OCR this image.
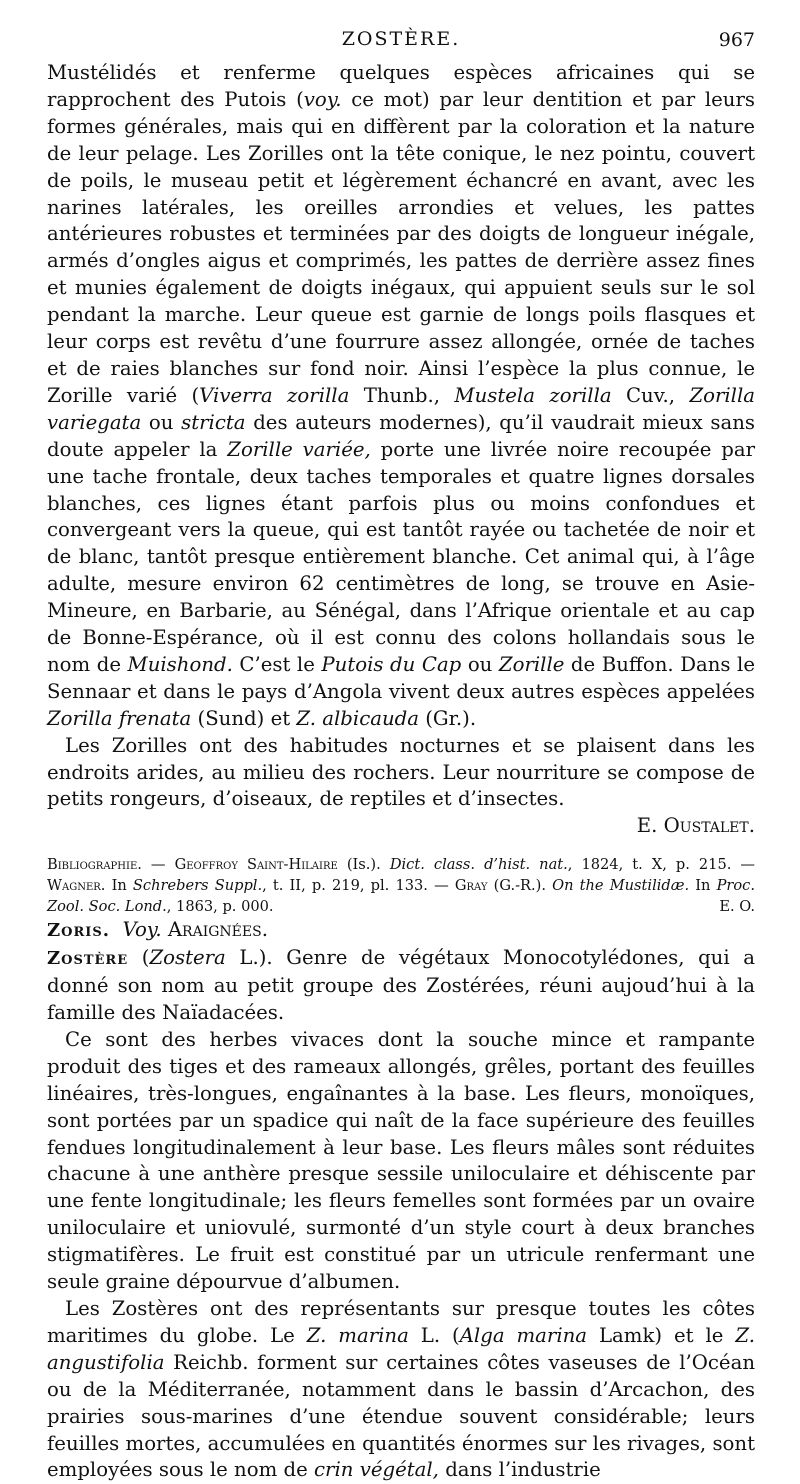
ZOSTÈRE.	967

Mustélidés et renferme quelques espèces africaines qui se rapprochent des Putois (voy. ce mot) par leur dentition et par leurs formes générales, mais qui en diffèrent par la coloration et la nature de leur pelage. Les Zorilles ont la tête conique, le nez pointu, couvert de poils, le museau petit et légèrement échancré en avant, avec les narines latérales, les oreilles arrondies et velues, les pattes antérieures robustes et terminées par des doigts de longueur inégale, armés d’ongles aigus et comprimés, les pattes de derrière assez fines et munies également de doigts inégaux, qui appuient seuls sur le sol pendant la marche. Leur queue est garnie de longs poils flasques et leur corps est revêtu d’une fourrure assez allongée, ornée de taches et de raies blanches sur fond noir. Ainsi l’espèce la plus connue, le Zorille varié (Viverra zorilla Thunb., Mustela zorilla Cuv., Zorilla variegata ou stricta des auteurs modernes), qu’il vaudrait mieux sans doute appeler la Zorille variée, porte une livrée noire recoupée par une tache frontale, deux taches temporales et quatre lignes dorsales blanches, ces lignes étant parfois plus ou moins confondues et convergeant vers la queue, qui est tantôt rayée ou tachetée de noir et de blanc, tantôt presque entièrement blanche. Cet animal qui, à l’âge adulte, mesure environ 62 centimètres de long, se trouve en Asie-Mineure, en Barbarie, au Sénégal, dans l’Afrique orientale et au cap de Bonne-Espérance, où il est connu des colons hollandais sous le nom de Muishond. C’est le Putois du Cap ou Zorille de Buffon. Dans le Sennaar et dans le pays d’Angola vivent deux autres espèces appelées Zorilla frenata (Sund) et Z. albicauda (Gr.).

Les Zorilles ont des habitudes nocturnes et se plaisent dans les endroits arides, au milieu des rochers. Leur nourriture se compose de petits rongeurs, d’oiseaux, de reptiles et d’insectes.
E. Oustalet.

Bibliographie. — Geoffroy Saint-Hilaire (Is.). Dict. class. d’hist. nat., 1824, t. X, p. 215. — Wagner. In Schrebers Suppl., t. II, p. 219, pl. 133. — Gray (G.-R.). On the Mustilidæ. In Proc. Zool. Soc. Lond., 1863, p. 000.	E. O.

Zoris. Voy. Araignées.

Zostère (Zostera L.). Genre de végétaux Monocotylédones, qui a donné son nom au petit groupe des Zostérées, réuni aujoud’hui à la famille des Naïadacées.

Ce sont des herbes vivaces dont la souche mince et rampante produit des tiges et des rameaux allongés, grêles, portant des feuilles linéaires, très-longues, engaînantes à la base. Les fleurs, monoïques, sont portées par un spadice qui naît de la face supérieure des feuilles fendues longitudinalement à leur base. Les fleurs mâles sont réduites chacune à une anthère presque sessile uniloculaire et déhiscente par une fente longitudinale; les fleurs femelles sont formées par un ovaire uniloculaire et uniovulé, surmonté d’un style court à deux branches stigmatifères. Le fruit est constitué par un utricule renfermant une seule graine dépourvue d’albumen.

Les Zostères ont des représentants sur presque toutes les côtes maritimes du globe. Le Z. marina L. (Alga marina Lamk) et le Z. angustifolia Reichb. forment sur certaines côtes vaseuses de l’Océan ou de la Méditerranée, notamment dans le bassin d’Arcachon, des prairies sous-marines d’une étendue souvent considérable; leurs feuilles mortes, accumulées en quantités énormes sur les rivages, sont employées sous le nom de crin végétal, dans l’industrie
